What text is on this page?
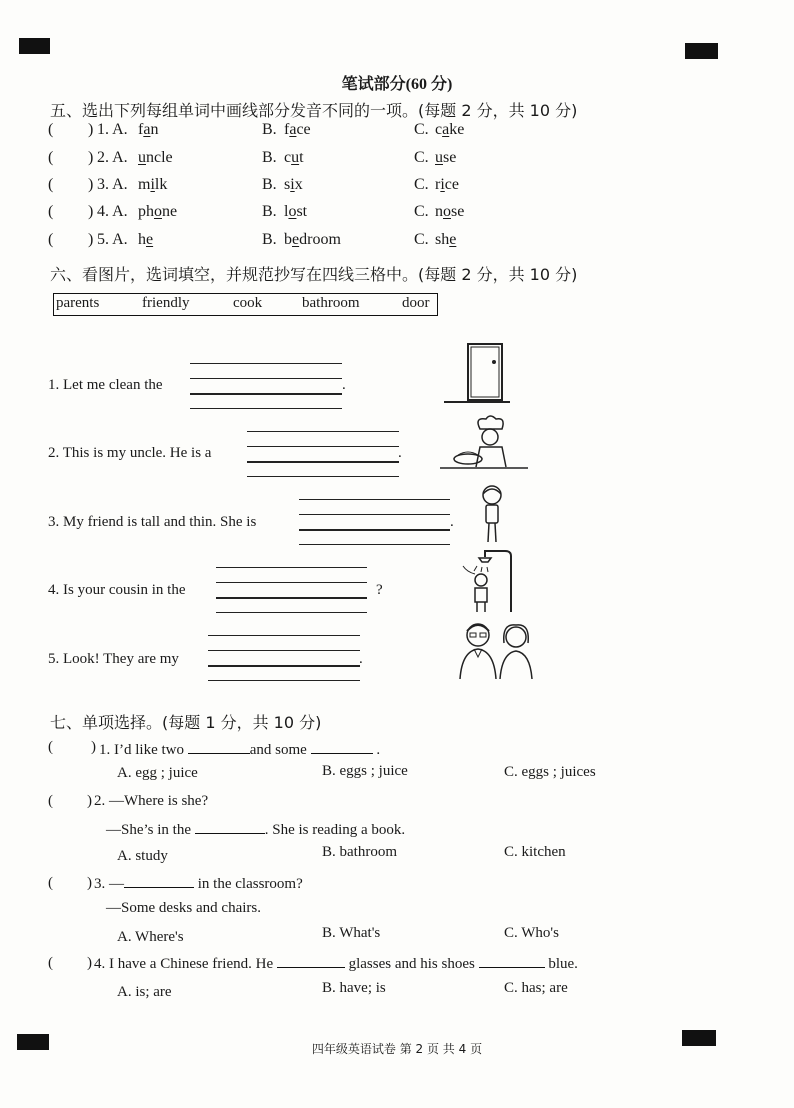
笔试部分(60 分)
五、选出下列每组单词中画线部分发音不同的一项。(每题 2 分，共 10 分)
( ) 1. A. fan	B. face	C. cake
( ) 2. A. uncle	B. cut	C. use
( ) 3. A. milk	B. six	C. rice
( ) 4. A. phone	B. lost	C. nose
( ) 5. A. he	B. bedroom	C. she
六、看图片，选词填空，并规范抄写在四线三格中。(每题 2 分，共 10 分)
parents	friendly	cook	bathroom	door
1. Let me clean the	.
2. This is my uncle. He is a	.
3. My friend is tall and thin. She is	.
4. Is your cousin in the	?
5. Look! They are my	.
七、单项选择。(每题 1 分，共 10 分)
(	) 1. I’d like two	and some	.
A. egg ; juice	B. eggs ; juice	C. eggs ; juices
( ) 2. —Where is she?
—She’s in the	. She is reading a book.
A. study	B. bathroom	C. kitchen
( ) 3. —	in the classroom?
—Some desks and chairs.
A. Where's	B. What's	C. Who's
( ) 4. I have a Chinese friend. He	glasses and his shoes	blue.
A. is; are	B. have; is	C. has; are
四年级英语试卷 第 2 页 共 4 页
